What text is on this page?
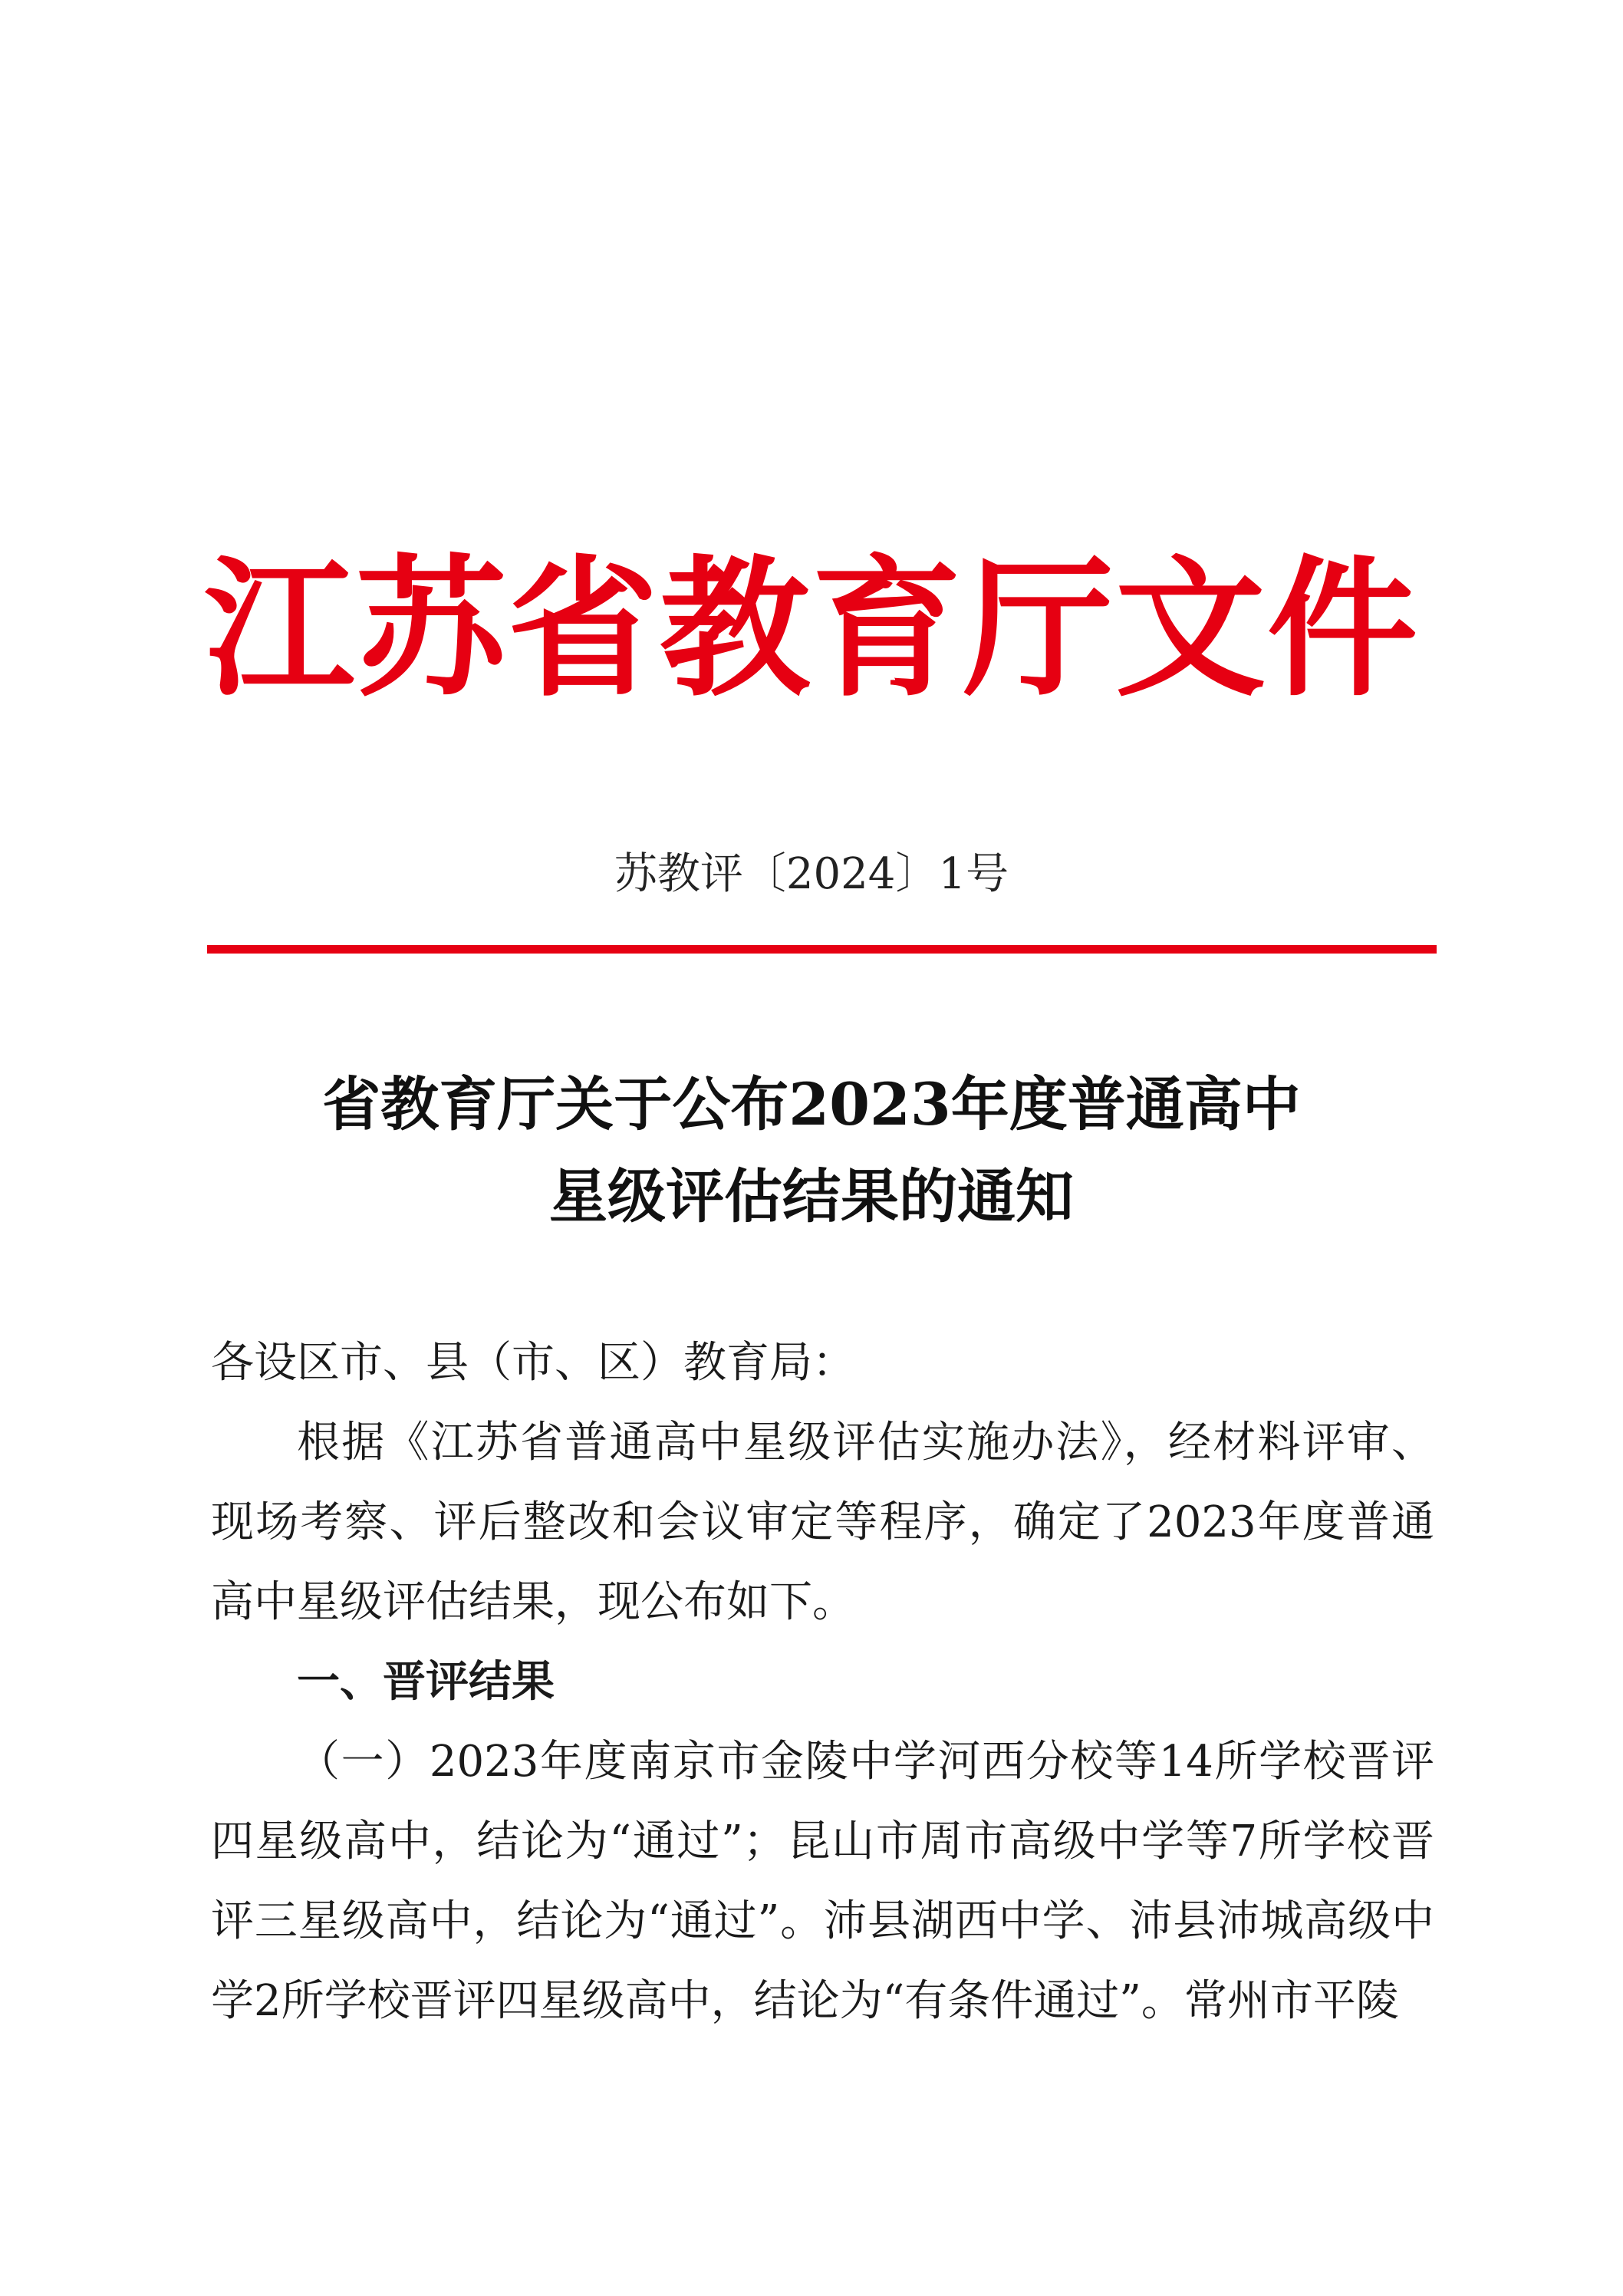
江苏省教育厅文件
苏教评〔2024〕1号
省教育厅关于公布2023年度普通高中
星级评估结果的通知

各设区市、县（市、区）教育局：

根据《江苏省普通高中星级评估实施办法》，经材料评审、现场考察、评后整改和会议审定等程序，确定了2023年度普通高中星级评估结果，现公布如下。

一、晋评结果

（一）2023年度南京市金陵中学河西分校等14所学校晋评四星级高中，结论为“通过”；昆山市周市高级中学等7所学校晋评三星级高中，结论为“通过”。沛县湖西中学、沛县沛城高级中学2所学校晋评四星级高中，结论为“有条件通过”。常州市平陵
